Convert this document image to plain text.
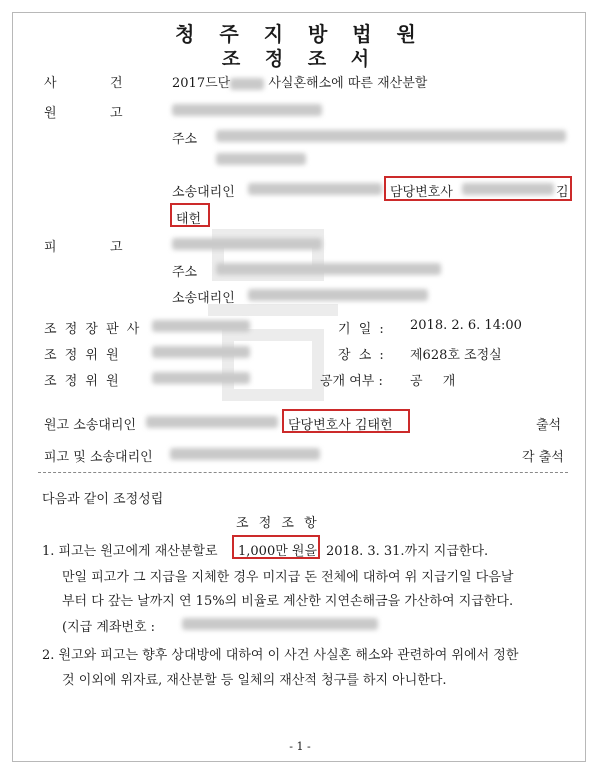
청 주 지 방 법 원
조 정 조 서
사	건	2017드단	사실혼해소에 따른 재산분할
원	고
주소
소송대리인	담당변호사	김
태헌
피	고
주소
소송대리인
조 정 장 판 사	기 일 : 2018. 2. 6. 14:00
조 정 위 원	장 소 : 제628호 조정실
조 정 위 원	공개 여부 : 공 개
원고 소송대리인	담당변호사 김태헌	출석
피고 및 소송대리인	각 출석
다음과 같이 조정성립
조 정 조 항
1. 피고는 원고에게 재산분할로 1,000만 원을 2018. 3. 31.까지 지급한다.
만일 피고가 그 지급을 지체한 경우 미지급 돈 전체에 대하여 위 지급기일 다음날
부터 다 갚는 날까지 연 15%의 비율로 계산한 지연손해금을 가산하여 지급한다.
(지급 계좌번호 :
2. 원고와 피고는 향후 상대방에 대하여 이 사건 사실혼 해소와 관련하여 위에서 정한
것 이외에 위자료, 재산분할 등 일체의 재산적 청구를 하지 아니한다.
- 1 -
